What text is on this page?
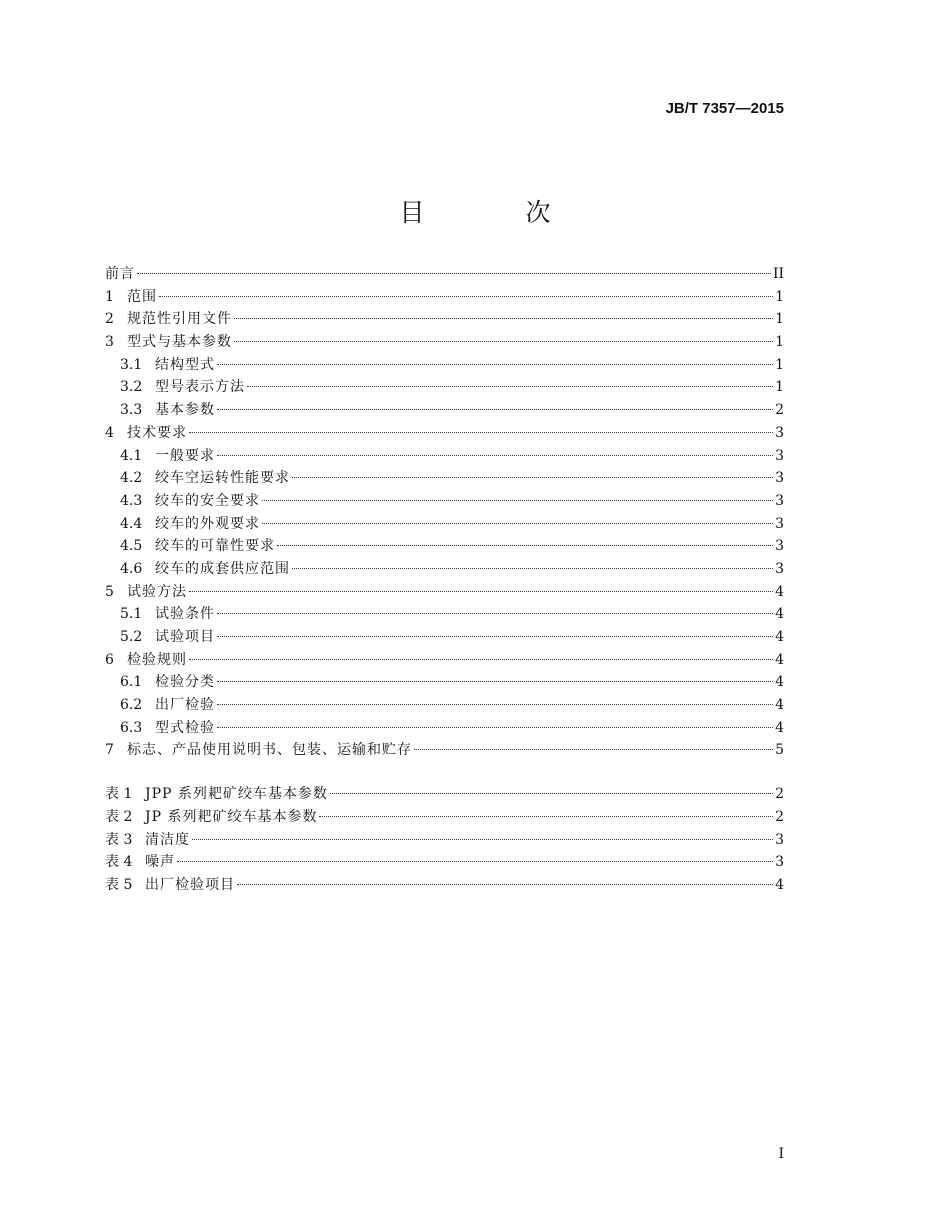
JB/T 7357—2015
目　次
前言	II
1 范围	1
2 规范性引用文件	1
3 型式与基本参数	1
3.1 结构型式	1
3.2 型号表示方法	1
3.3 基本参数	2
4 技术要求	3
4.1 一般要求	3
4.2 绞车空运转性能要求	3
4.3 绞车的安全要求	3
4.4 绞车的外观要求	3
4.5 绞车的可靠性要求	3
4.6 绞车的成套供应范围	3
5 试验方法	4
5.1 试验条件	4
5.2 试验项目	4
6 检验规则	4
6.1 检验分类	4
6.2 出厂检验	4
6.3 型式检验	4
7 标志、产品使用说明书、包装、运输和贮存	5
表 1 JPP 系列耙矿绞车基本参数	2
表 2 JP 系列耙矿绞车基本参数	2
表 3 清洁度	3
表 4 噪声	3
表 5 出厂检验项目	4
I
